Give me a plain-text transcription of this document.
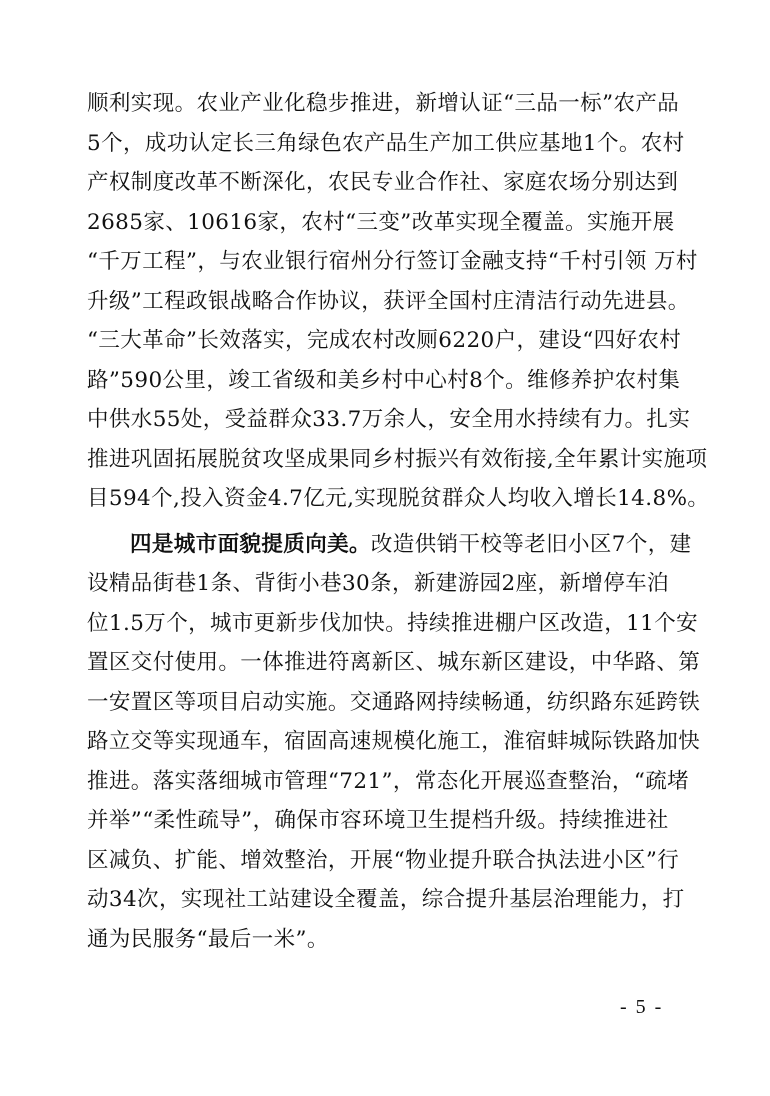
顺利实现。农业产业化稳步推进，新增认证“三品一标”农产品
5个，成功认定长三角绿色农产品生产加工供应基地1个。农村
产权制度改革不断深化，农民专业合作社、家庭农场分别达到
2685家、10616家，农村“三变”改革实现全覆盖。实施开展
“千万工程”，与农业银行宿州分行签订金融支持“千村引领 万村
升级”工程政银战略合作协议，获评全国村庄清洁行动先进县。
“三大革命”长效落实，完成农村改厕6220户，建设“四好农村
路”590公里，竣工省级和美乡村中心村8个。维修养护农村集
中供水55处，受益群众33.7万余人，安全用水持续有力。扎实
推进巩固拓展脱贫攻坚成果同乡村振兴有效衔接,全年累计实施项
目594个,投入资金4.7亿元,实现脱贫群众人均收入增长14.8%。
四是城市面貌提质向美。改造供销干校等老旧小区7个，建
设精品街巷1条、背街小巷30条，新建游园2座，新增停车泊
位1.5万个，城市更新步伐加快。持续推进棚户区改造，11个安
置区交付使用。一体推进符离新区、城东新区建设，中华路、第
一安置区等项目启动实施。交通路网持续畅通，纺织路东延跨铁
路立交等实现通车，宿固高速规模化施工，淮宿蚌城际铁路加快
推进。落实落细城市管理“721”，常态化开展巡查整治，“疏堵
并举”“柔性疏导”，确保市容环境卫生提档升级。持续推进社
区减负、扩能、增效整治，开展“物业提升联合执法进小区”行
动34次，实现社工站建设全覆盖，综合提升基层治理能力，打
通为民服务“最后一米”。
- 5 -
